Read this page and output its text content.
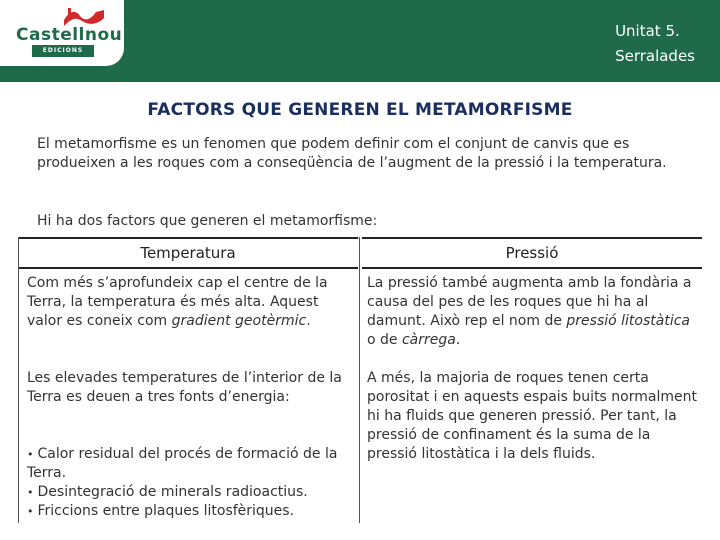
Castellnou
EDICIONS
Unitat 5.
Serralades
FACTORS QUE GENEREN EL METAMORFISME
El metamorfisme es un fenomen que podem definir com el conjunt de canvis que es produeixen a les roques com a conseqüència de l’augment de la pressió i la temperatura.
Hi ha dos factors que generen el metamorfisme:
Temperatura	Pressió
Com més s’aprofundeix cap el centre de la Terra, la temperatura és més alta. Aquest valor es coneix com gradient geotèrmic.
La pressió també augmenta amb la fondària a causa del pes de les roques que hi ha al damunt. Això rep el nom de pressió litostàtica o de càrrega.
Les elevades temperatures de l’interior de la Terra es deuen a tres fonts d’energia:
A més, la majoria de roques tenen certa porositat i en aquests espais buits normalment hi ha fluids que generen pressió. Per tant, la pressió de confinament és la suma de la pressió litostàtica i la dels fluids.
• Calor residual del procés de formació de la Terra.
• Desintegració de minerals radioactius.
• Friccions entre plaques litosfèriques.
